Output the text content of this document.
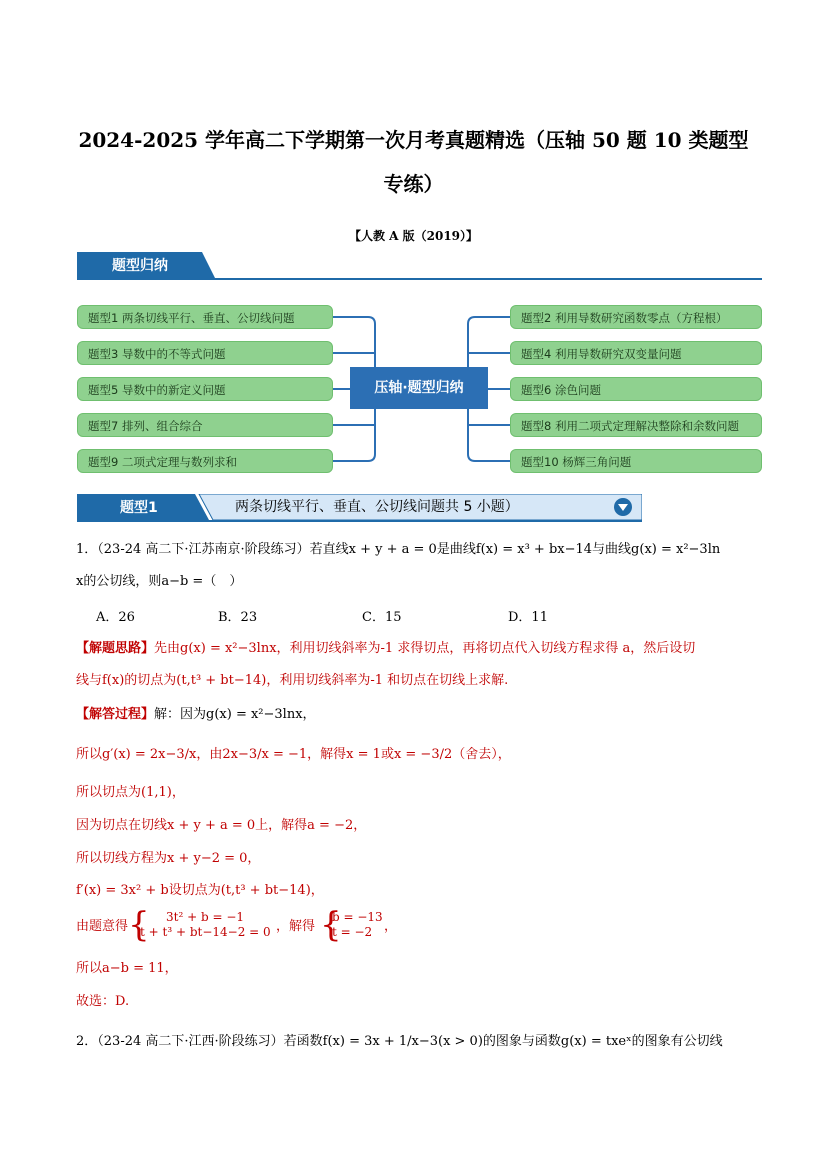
2024-2025 学年高二下学期第一次月考真题精选（压轴 50 题 10 类题型
专练）
【人教 A 版（2019）】
题型归纳
题型1 两条切线平行、垂直、公切线问题
题型3 导数中的不等式问题
题型5 导数中的新定义问题
题型7 排列、组合综合
题型9 二项式定理与数列求和
压轴·题型归纳
题型2 利用导数研究函数零点（方程根）
题型4 利用导数研究双变量问题
题型6 涂色问题
题型8 利用二项式定理解决整除和余数问题
题型10 杨辉三角问题
题型1	两条切线平行、垂直、公切线问题共 5 小题）
1．（23-24 高二下·江苏南京·阶段练习）若直线x + y + a = 0是曲线f(x) = x³ + bx−14与曲线g(x) = x²−3ln
x的公切线，则a−b =（　）
A．26	B．23	C．15	D．11
【解题思路】先由g(x) = x²−3lnx，利用切线斜率为-1 求得切点，再将切点代入切线方程求得 a，然后设切
线与f(x)的切点为(t,t³ + bt−14)，利用切线斜率为-1 和切点在切线上求解.
【解答过程】解：因为g(x) = x²−3lnx，
所以g′(x) = 2x−3/x，由2x−3/x = −1，解得x = 1或x = −3/2（舍去），
所以切点为(1,1)，
因为切点在切线x + y + a = 0上，解得a = −2，
所以切线方程为x + y−2 = 0，
f′(x) = 3x² + b设切点为(t,t³ + bt−14)，
由题意得 {	3t² + b = −1
t + t³ + bt−14−2 = 0 ，解得 {
b = −13
t = −2 ，
所以a−b = 11，
故选：D.
2．（23-24 高二下·江西·阶段练习）若函数f(x) = 3x + 1/x−3(x > 0)的图象与函数g(x) = txeˣ的图象有公切线
